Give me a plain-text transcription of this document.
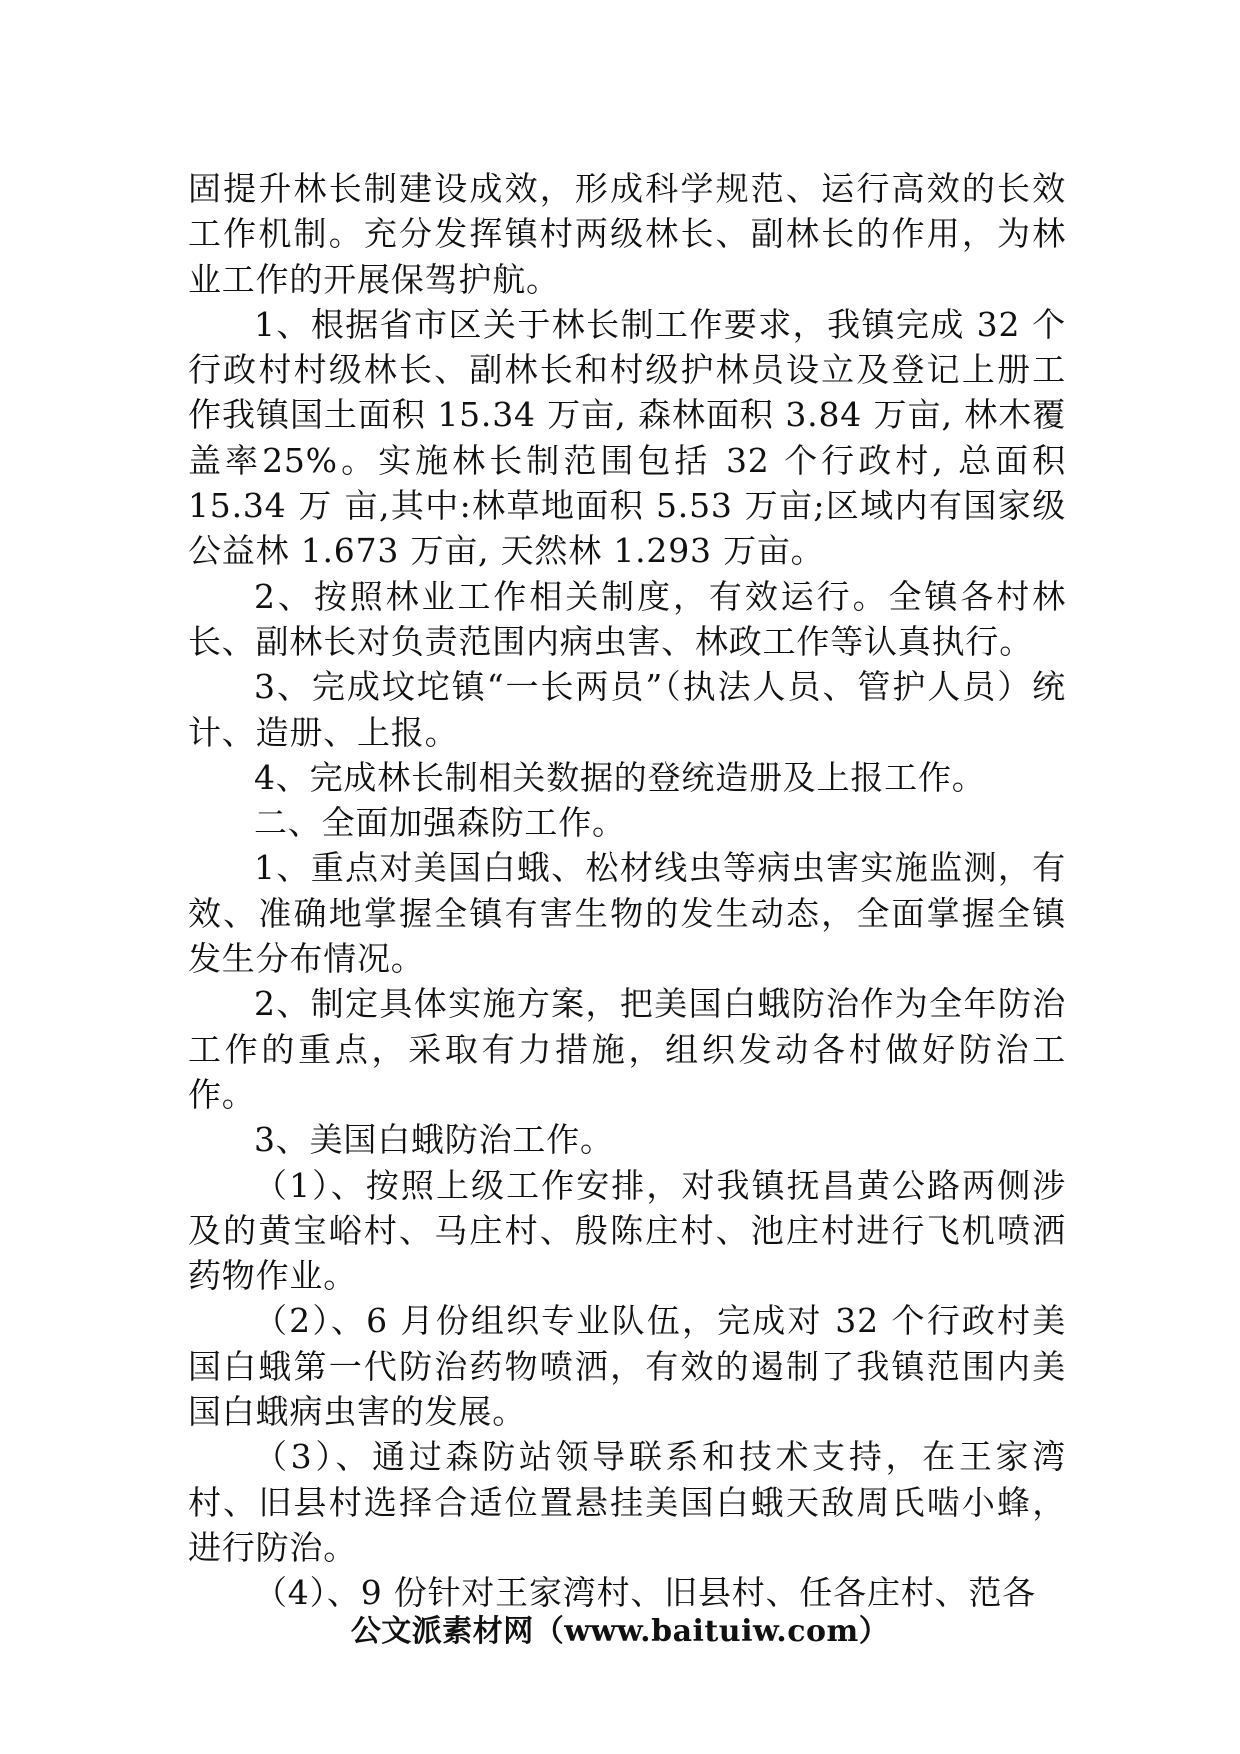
固提升林长制建设成效，形成科学规范、运行高效的长效工作机制。充分发挥镇村两级林长、副林长的作用，为林业工作的开展保驾护航。

1、根据省市区关于林长制工作要求，我镇完成 32 个行政村村级林长、副林长和村级护林员设立及登记上册工作我镇国土面积 15.34 万亩, 森林面积 3.84 万亩, 林木覆盖率25%。实施林长制范围包括 32 个行政村, 总面积 15.34 万 亩,其中:林草地面积 5.53 万亩;区域内有国家级公益林 1.673 万亩, 天然林 1.293 万亩。

2、按照林业工作相关制度，有效运行。全镇各村林长、副林长对负责范围内病虫害、林政工作等认真执行。

3、完成坟坨镇“一长两员”（执法人员、管护人员）统计、造册、上报。

4、完成林长制相关数据的登统造册及上报工作。

二、全面加强森防工作。

1、重点对美国白蛾、松材线虫等病虫害实施监测，有效、准确地掌握全镇有害生物的发生动态，全面掌握全镇发生分布情况。

2、制定具体实施方案，把美国白蛾防治作为全年防治工作的重点，采取有力措施，组织发动各村做好防治工作。

3、美国白蛾防治工作。

（1）、按照上级工作安排，对我镇抚昌黄公路两侧涉及的黄宝峪村、马庄村、殷陈庄村、池庄村进行飞机喷洒药物作业。

（2）、6 月份组织专业队伍，完成对 32 个行政村美国白蛾第一代防治药物喷洒，有效的遏制了我镇范围内美国白蛾病虫害的发展。

（3）、通过森防站领导联系和技术支持，在王家湾村、旧县村选择合适位置悬挂美国白蛾天敌周氏啮小蜂，进行防治。

（4）、9 份针对王家湾村、旧县村、任各庄村、范各

公文派素材网（www.baituiw.com）
